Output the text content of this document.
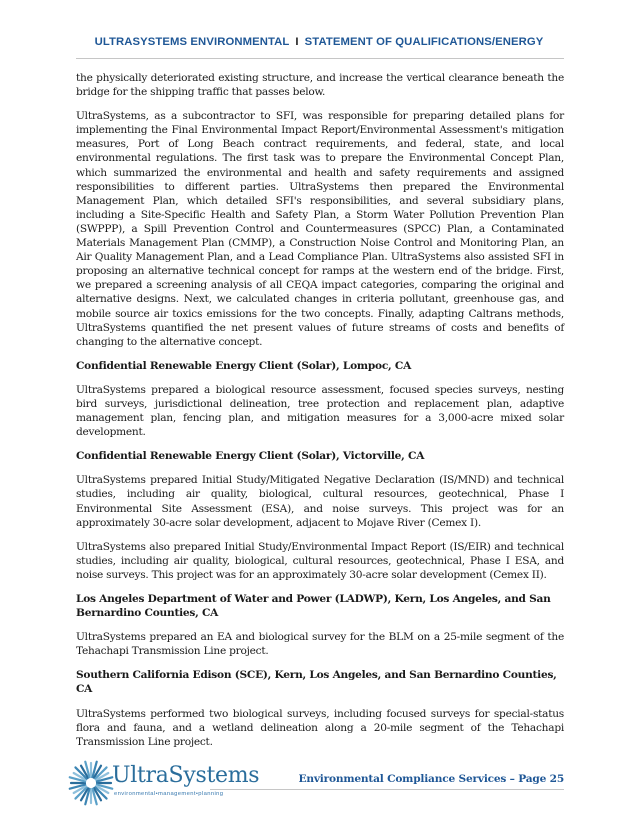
ULTRASYSTEMS ENVIRONMENTAL I STATEMENT OF QUALIFICATIONS/ENERGY

the physically deteriorated existing structure, and increase the vertical clearance beneath the bridge for the shipping traffic that passes below.

UltraSystems, as a subcontractor to SFI, was responsible for preparing detailed plans for implementing the Final Environmental Impact Report/Environmental Assessment's mitigation measures, Port of Long Beach contract requirements, and federal, state, and local environmental regulations. The first task was to prepare the Environmental Concept Plan, which summarized the environmental and health and safety requirements and assigned responsibilities to different parties. UltraSystems then prepared the Environmental Management Plan, which detailed SFI's responsibilities, and several subsidiary plans, including a Site-Specific Health and Safety Plan, a Storm Water Pollution Prevention Plan (SWPPP), a Spill Prevention Control and Countermeasures (SPCC) Plan, a Contaminated Materials Management Plan (CMMP), a Construction Noise Control and Monitoring Plan, an Air Quality Management Plan, and a Lead Compliance Plan. UltraSystems also assisted SFI in proposing an alternative technical concept for ramps at the western end of the bridge. First, we prepared a screening analysis of all CEQA impact categories, comparing the original and alternative designs. Next, we calculated changes in criteria pollutant, greenhouse gas, and mobile source air toxics emissions for the two concepts. Finally, adapting Caltrans methods, UltraSystems quantified the net present values of future streams of costs and benefits of changing to the alternative concept.

Confidential Renewable Energy Client (Solar), Lompoc, CA

UltraSystems prepared a biological resource assessment, focused species surveys, nesting bird surveys, jurisdictional delineation, tree protection and replacement plan, adaptive management plan, fencing plan, and mitigation measures for a 3,000-acre mixed solar development.

Confidential Renewable Energy Client (Solar), Victorville, CA

UltraSystems prepared Initial Study/Mitigated Negative Declaration (IS/MND) and technical studies, including air quality, biological, cultural resources, geotechnical, Phase I Environmental Site Assessment (ESA), and noise surveys. This project was for an approximately 30-acre solar development, adjacent to Mojave River (Cemex I).

UltraSystems also prepared Initial Study/Environmental Impact Report (IS/EIR) and technical studies, including air quality, biological, cultural resources, geotechnical, Phase I ESA, and noise surveys. This project was for an approximately 30-acre solar development (Cemex II).

Los Angeles Department of Water and Power (LADWP), Kern, Los Angeles, and San Bernardino Counties, CA

UltraSystems prepared an EA and biological survey for the BLM on a 25-mile segment of the Tehachapi Transmission Line project.

Southern California Edison (SCE), Kern, Los Angeles, and San Bernardino Counties, CA

UltraSystems performed two biological surveys, including focused surveys for special-status flora and fauna, and a wetland delineation along a 20-mile segment of the Tehachapi Transmission Line project.

UltraSystems
environmental•management•planning
Environmental Compliance Services – Page 25
